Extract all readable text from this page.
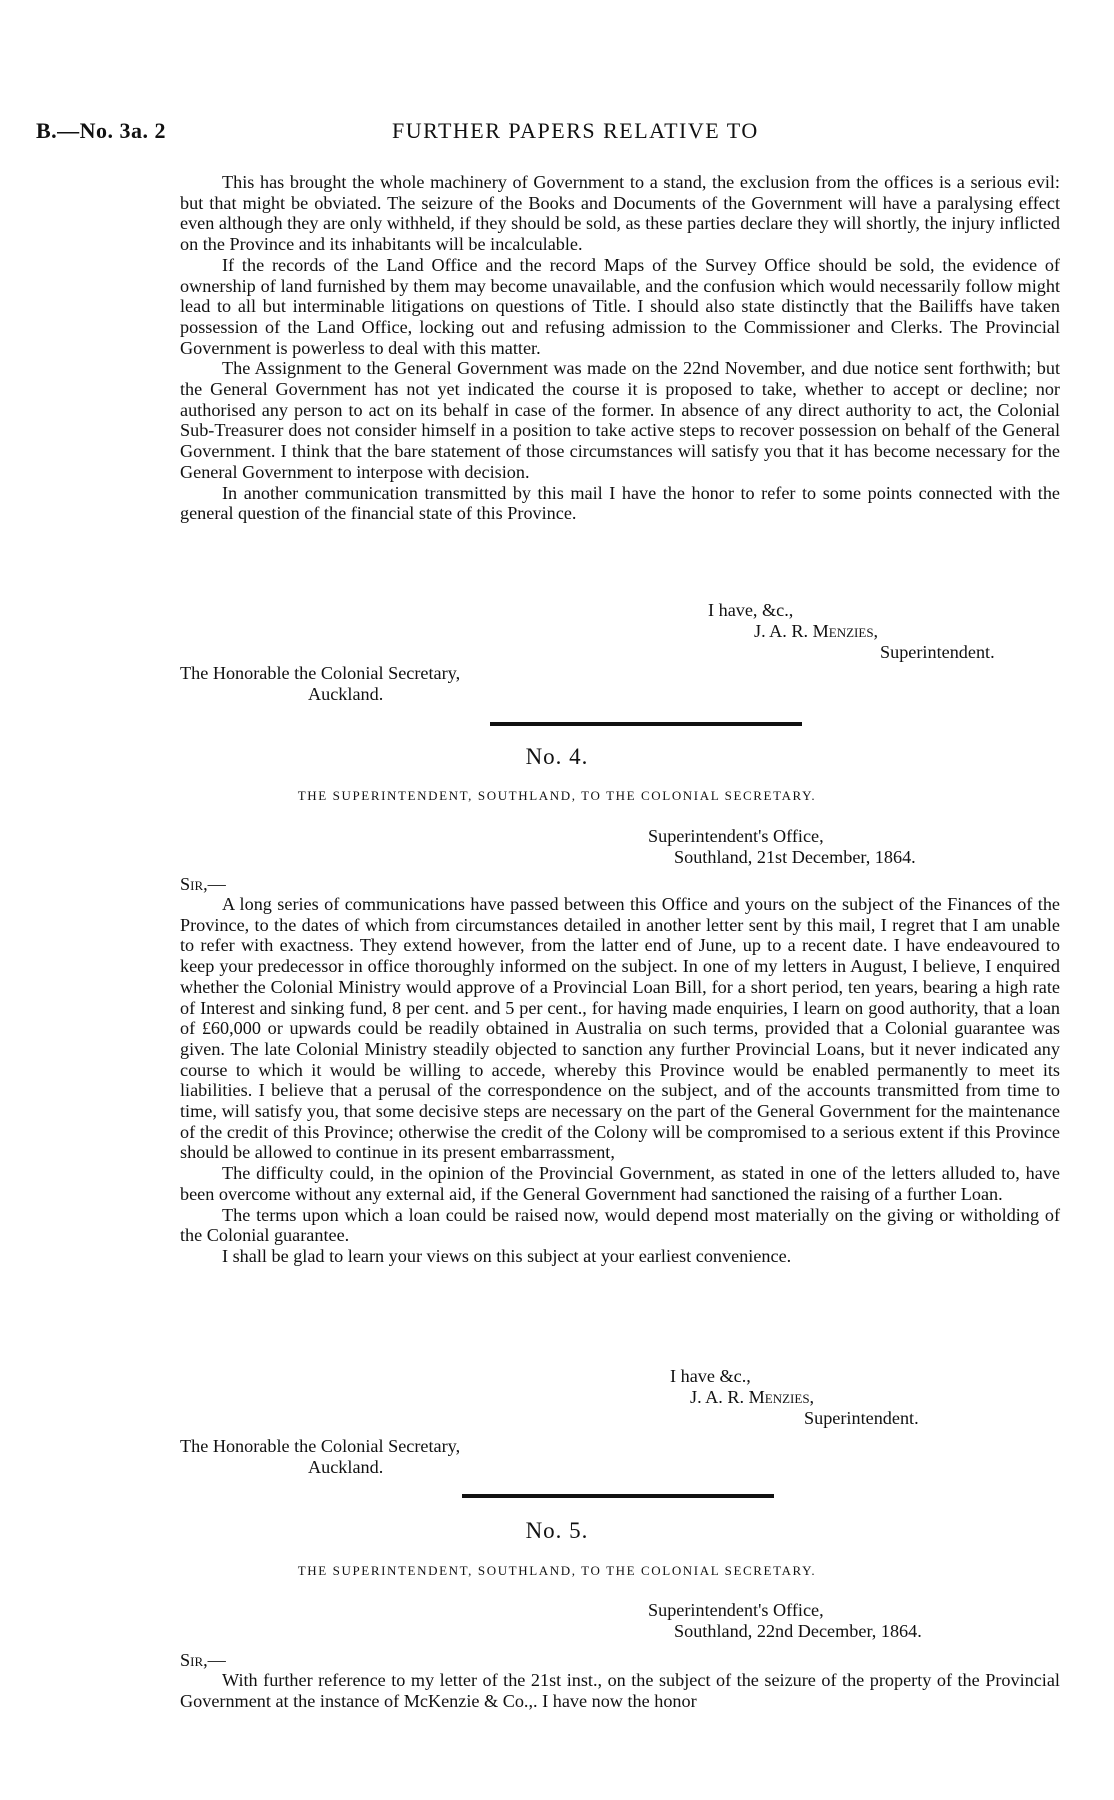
B.—No. 3a. 2	FURTHER PAPERS RELATIVE TO

This has brought the whole machinery of Government to a stand, the exclusion from the offices is a serious evil: but that might be obviated. The seizure of the Books and Documents of the Government will have a paralysing effect even although they are only withheld, if they should be sold, as these parties declare they will shortly, the injury inflicted on the Province and its inhabitants will be incalculable.

If the records of the Land Office and the record Maps of the Survey Office should be sold, the evidence of ownership of land furnished by them may become unavailable, and the confusion which would necessarily follow might lead to all but interminable litigations on questions of Title. I should also state distinctly that the Bailiffs have taken possession of the Land Office, locking out and refusing admission to the Commissioner and Clerks. The Provincial Government is powerless to deal with this matter.

The Assignment to the General Government was made on the 22nd November, and due notice sent forthwith; but the General Government has not yet indicated the course it is proposed to take, whether to accept or decline; nor authorised any person to act on its behalf in case of the former. In absence of any direct authority to act, the Colonial Sub-Treasurer does not consider himself in a position to take active steps to recover possession on behalf of the General Government. I think that the bare statement of those circumstances will satisfy you that it has become necessary for the General Government to interpose with decision.

In another communication transmitted by this mail I have the honor to refer to some points connected with the general question of the financial state of this Province.

I have, &c.,
J. A. R. Menzies,
Superintendent.
The Honorable the Colonial Secretary,
Auckland.
No. 4.
THE SUPERINTENDENT, SOUTHLAND, TO THE COLONIAL SECRETARY.
Superintendent's Office,
Southland, 21st December, 1864.
Sir,—

A long series of communications have passed between this Office and yours on the subject of the Finances of the Province, to the dates of which from circumstances detailed in another letter sent by this mail, I regret that I am unable to refer with exactness. They extend however, from the latter end of June, up to a recent date. I have endeavoured to keep your predecessor in office thoroughly informed on the subject. In one of my letters in August, I believe, I enquired whether the Colonial Ministry would approve of a Provincial Loan Bill, for a short period, ten years, bearing a high rate of Interest and sinking fund, 8 per cent. and 5 per cent., for having made enquiries, I learn on good authority, that a loan of £60,000 or upwards could be readily obtained in Australia on such terms, provided that a Colonial guarantee was given. The late Colonial Ministry steadily objected to sanction any further Provincial Loans, but it never indicated any course to which it would be willing to accede, whereby this Province would be enabled permanently to meet its liabilities. I believe that a perusal of the correspondence on the subject, and of the accounts transmitted from time to time, will satisfy you, that some decisive steps are necessary on the part of the General Government for the maintenance of the credit of this Province; otherwise the credit of the Colony will be compromised to a serious extent if this Province should be allowed to continue in its present embarrassment,

The difficulty could, in the opinion of the Provincial Government, as stated in one of the letters alluded to, have been overcome without any external aid, if the General Government had sanctioned the raising of a further Loan.

The terms upon which a loan could be raised now, would depend most materially on the giving or witholding of the Colonial guarantee.

I shall be glad to learn your views on this subject at your earliest convenience.

I have &c.,
J. A. R. Menzies,
Superintendent.
The Honorable the Colonial Secretary,
Auckland.
No. 5.
THE SUPERINTENDENT, SOUTHLAND, TO THE COLONIAL SECRETARY.
Superintendent's Office,
Southland, 22nd December, 1864.
Sir,—

With further reference to my letter of the 21st inst., on the subject of the seizure of the property of the Provincial Government at the instance of McKenzie & Co.,. I have now the honor
